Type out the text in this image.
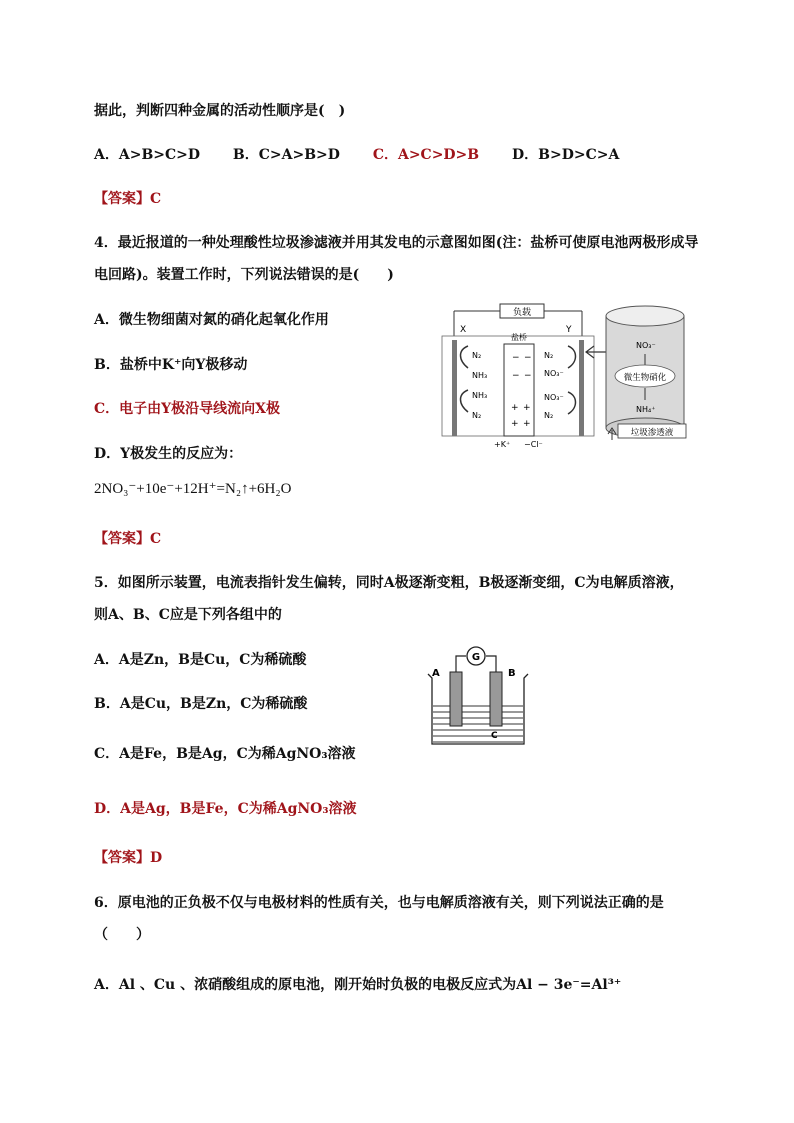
据此，判断四种金属的活动性顺序是(　)
A．A>B>C>D B．C>A>B>D C．A>C>D>B D．B>D>C>A
【答案】C
4．最近报道的一种处理酸性垃圾渗滤液并用其发电的示意图如图(注：盐桥可使原电池两极形成导
电回路)。装置工作时，下列说法错误的是(　　)
A．微生物细菌对氮的硝化起氧化作用
B．盐桥中K⁺向Y极移动
C．电子由Y极沿导线流向X极
D．Y极发生的反应为：
2NO₃⁻+10e⁻+12H⁺=N₂↑+6H₂O
【答案】C
负载
X	Y
盐桥
− −
− −
+ +
+ +
+K⁺ −Cl⁻
N₂
NH₃
NH₃
N₂
N₂
NO₃⁻
NO₃⁻
N₂
NO₃⁻
微生物硝化
NH₄⁺
垃圾渗透液
5．如图所示装置，电流表指针发生偏转，同时A极逐渐变粗，B极逐渐变细，C为电解质溶液，
则A、B、C应是下列各组中的
A．A是Zn，B是Cu，C为稀硫酸
B．A是Cu，B是Zn，C为稀硫酸
C．A是Fe，B是Ag，C为稀AgNO₃溶液
D．A是Ag，B是Fe，C为稀AgNO₃溶液
【答案】D
G
A	B
C
6．原电池的正负极不仅与电极材料的性质有关，也与电解质溶液有关，则下列说法正确的是
（　　）
A．Al 、Cu 、浓硝酸组成的原电池，刚开始时负极的电极反应式为Al − 3e⁻=Al³⁺
